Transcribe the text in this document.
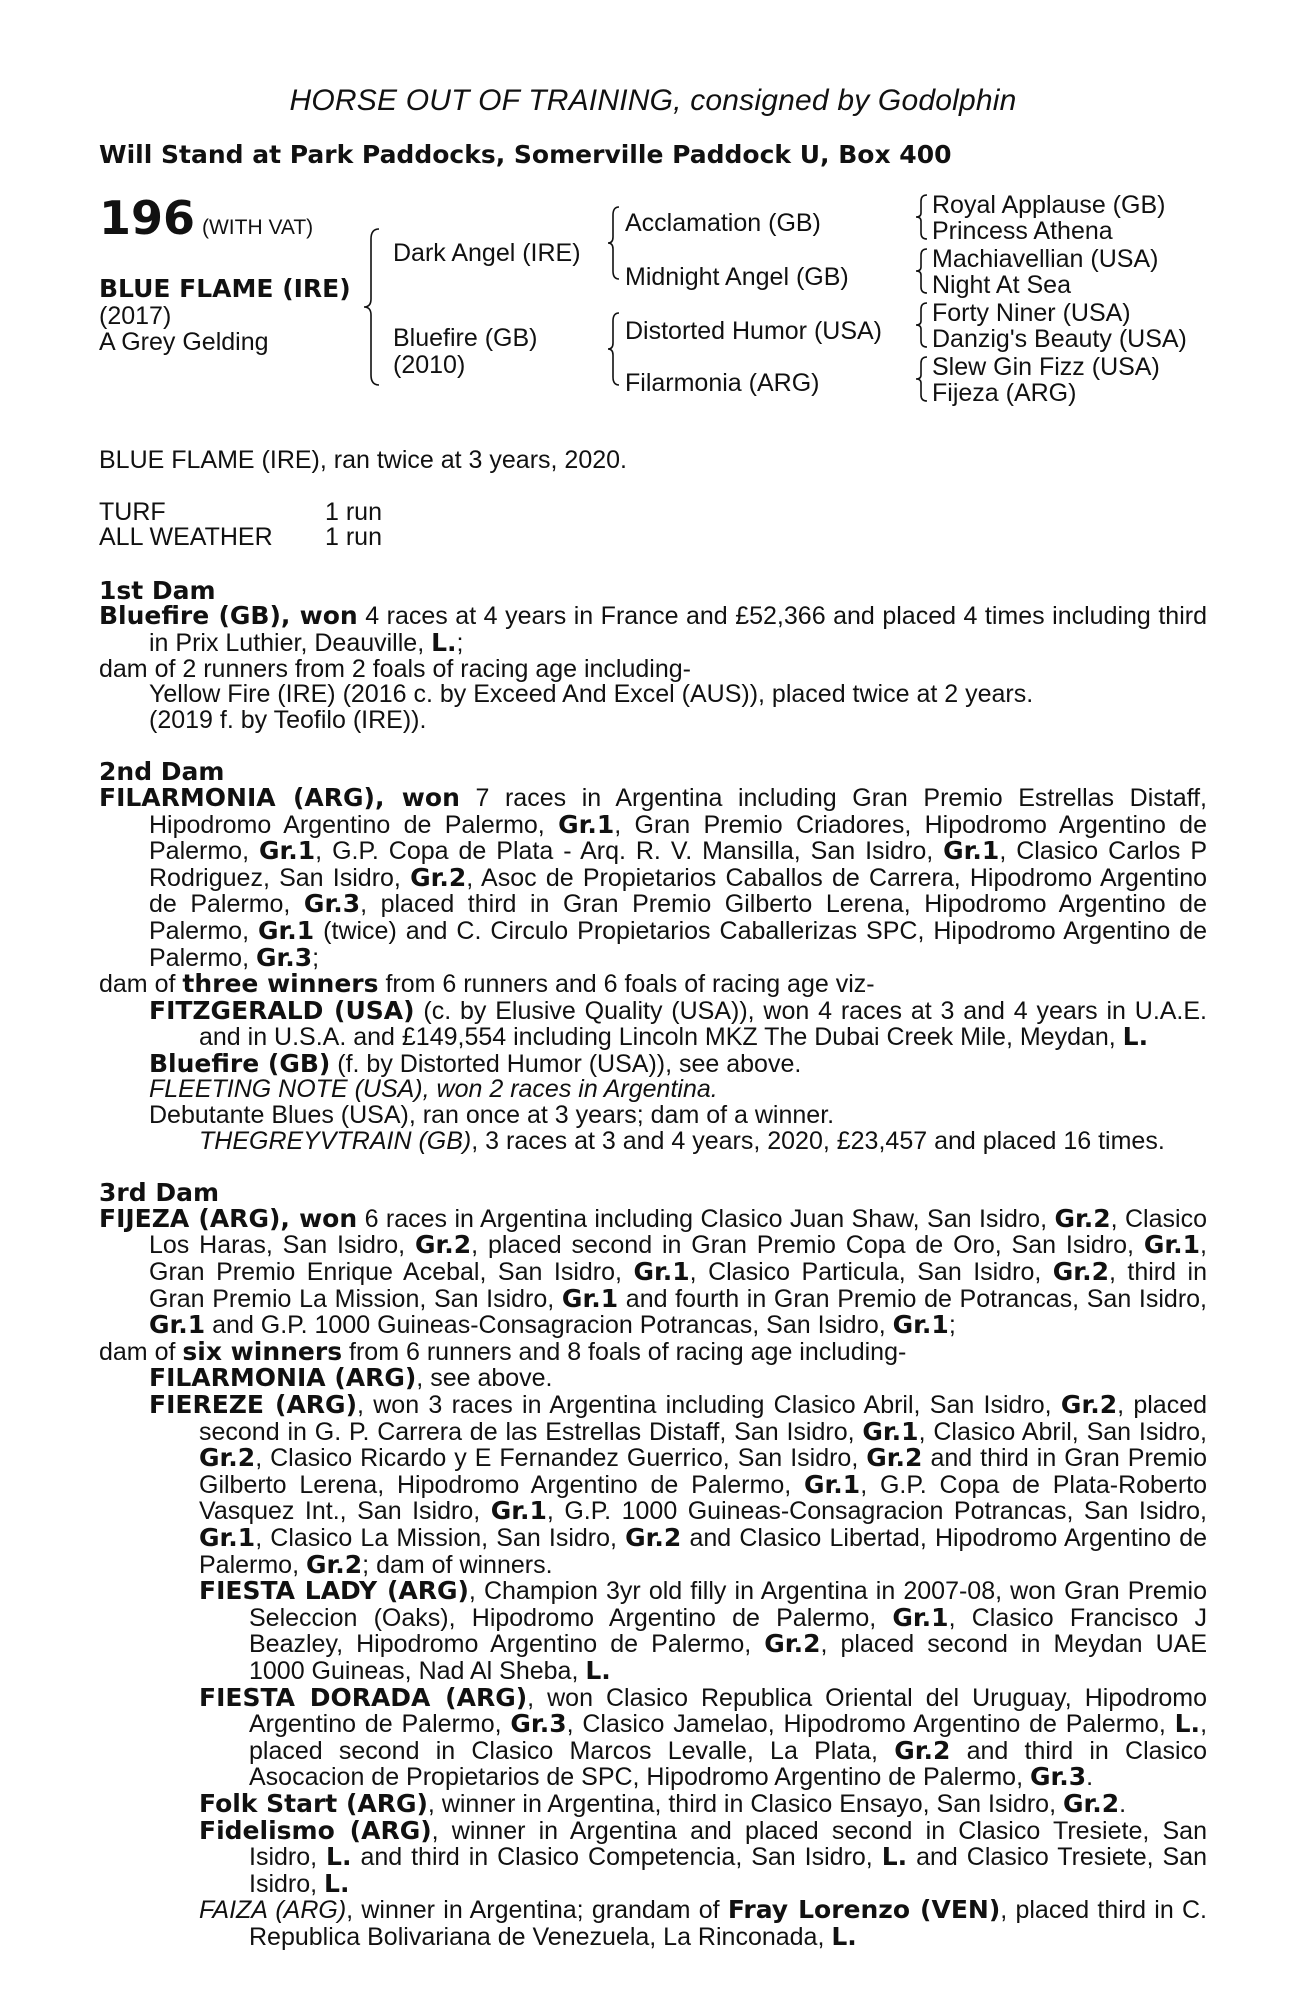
HORSE OUT OF TRAINING, consigned by Godolphin
Will Stand at Park Paddocks, Somerville Paddock U, Box 400
196 (WITH VAT)
BLUE FLAME (IRE)
(2017)
A Grey Gelding
Dark Angel (IRE)
Bluefire (GB)
(2010)
Acclamation (GB)
Midnight Angel (GB)
Distorted Humor (USA)
Filarmonia (ARG)
Royal Applause (GB)
Princess Athena
Machiavellian (USA)
Night At Sea
Forty Niner (USA)
Danzig's Beauty (USA)
Slew Gin Fizz (USA)
Fijeza (ARG)
BLUE FLAME (IRE), ran twice at 3 years, 2020.
TURF	1 run
ALL WEATHER	1 run
1st Dam
Bluefire (GB), won 4 races at 4 years in France and £52,366 and placed 4 times including third in Prix Luthier, Deauville, L.;
dam of 2 runners from 2 foals of racing age including-
Yellow Fire (IRE) (2016 c. by Exceed And Excel (AUS)), placed twice at 2 years.
(2019 f. by Teofilo (IRE)).
2nd Dam
FILARMONIA (ARG), won 7 races in Argentina including Gran Premio Estrellas Distaff, Hipodromo Argentino de Palermo, Gr.1, Gran Premio Criadores, Hipodromo Argentino de Palermo, Gr.1, G.P. Copa de Plata - Arq. R. V. Mansilla, San Isidro, Gr.1, Clasico Carlos P Rodriguez, San Isidro, Gr.2, Asoc de Propietarios Caballos de Carrera, Hipodromo Argentino de Palermo, Gr.3, placed third in Gran Premio Gilberto Lerena, Hipodromo Argentino de Palermo, Gr.1 (twice) and C. Circulo Propietarios Caballerizas SPC, Hipodromo Argentino de Palermo, Gr.3;
dam of three winners from 6 runners and 6 foals of racing age viz-
FITZGERALD (USA) (c. by Elusive Quality (USA)), won 4 races at 3 and 4 years in U.A.E. and in U.S.A. and £149,554 including Lincoln MKZ The Dubai Creek Mile, Meydan, L.
Bluefire (GB) (f. by Distorted Humor (USA)), see above.
FLEETING NOTE (USA), won 2 races in Argentina.
Debutante Blues (USA), ran once at 3 years; dam of a winner.
THEGREYVTRAIN (GB), 3 races at 3 and 4 years, 2020, £23,457 and placed 16 times.
3rd Dam
FIJEZA (ARG), won 6 races in Argentina including Clasico Juan Shaw, San Isidro, Gr.2, Clasico Los Haras, San Isidro, Gr.2, placed second in Gran Premio Copa de Oro, San Isidro, Gr.1, Gran Premio Enrique Acebal, San Isidro, Gr.1, Clasico Particula, San Isidro, Gr.2, third in Gran Premio La Mission, San Isidro, Gr.1 and fourth in Gran Premio de Potrancas, San Isidro, Gr.1 and G.P. 1000 Guineas-Consagracion Potrancas, San Isidro, Gr.1;
dam of six winners from 6 runners and 8 foals of racing age including-
FILARMONIA (ARG), see above.
FIEREZE (ARG), won 3 races in Argentina including Clasico Abril, San Isidro, Gr.2, placed second in G. P. Carrera de las Estrellas Distaff, San Isidro, Gr.1, Clasico Abril, San Isidro, Gr.2, Clasico Ricardo y E Fernandez Guerrico, San Isidro, Gr.2 and third in Gran Premio Gilberto Lerena, Hipodromo Argentino de Palermo, Gr.1, G.P. Copa de Plata-Roberto Vasquez Int., San Isidro, Gr.1, G.P. 1000 Guineas-Consagracion Potrancas, San Isidro, Gr.1, Clasico La Mission, San Isidro, Gr.2 and Clasico Libertad, Hipodromo Argentino de Palermo, Gr.2; dam of winners.
FIESTA LADY (ARG), Champion 3yr old filly in Argentina in 2007-08, won Gran Premio Seleccion (Oaks), Hipodromo Argentino de Palermo, Gr.1, Clasico Francisco J Beazley, Hipodromo Argentino de Palermo, Gr.2, placed second in Meydan UAE 1000 Guineas, Nad Al Sheba, L.
FIESTA DORADA (ARG), won Clasico Republica Oriental del Uruguay, Hipodromo Argentino de Palermo, Gr.3, Clasico Jamelao, Hipodromo Argentino de Palermo, L., placed second in Clasico Marcos Levalle, La Plata, Gr.2 and third in Clasico Asocacion de Propietarios de SPC, Hipodromo Argentino de Palermo, Gr.3.
Folk Start (ARG), winner in Argentina, third in Clasico Ensayo, San Isidro, Gr.2.
Fidelismo (ARG), winner in Argentina and placed second in Clasico Tresiete, San Isidro, L. and third in Clasico Competencia, San Isidro, L. and Clasico Tresiete, San Isidro, L.
FAIZA (ARG), winner in Argentina; grandam of Fray Lorenzo (VEN), placed third in C. Republica Bolivariana de Venezuela, La Rinconada, L.
